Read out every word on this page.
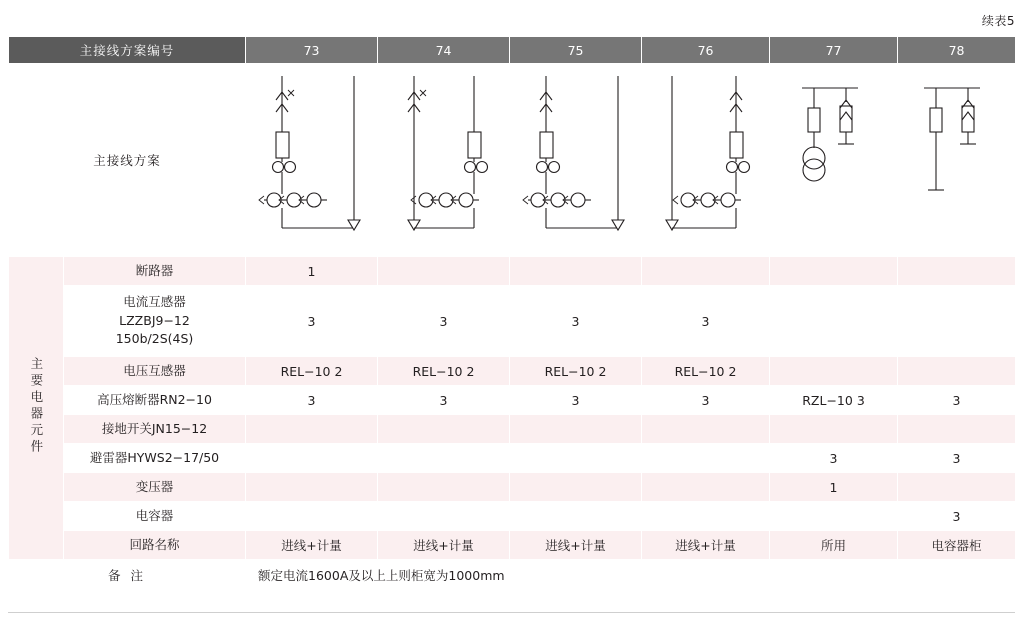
续表5
主接线方案编号		73	74	75	76	77	78
主接线方案	

主要电器元件	断路器	1					

	电流互感器
LZZBJ9−12
150b/2S(4S)	3	3	3	3		
	电压互感器	REL−10 2	REL−10 2	REL−10 2	REL−10 2		
	高压熔断器RN2−10	3	3	3	3	RZL−10 3	3
	接地开关JN15−12						
	避雷器HYWS2−17/50					3	3
	变压器					1	
	电容器						3
	回路名称	进线+计量	进线+计量	进线+计量	进线+计量	所用	电容器柜
备 注		额定电流1600A及以上上则柜宽为1000mm					
